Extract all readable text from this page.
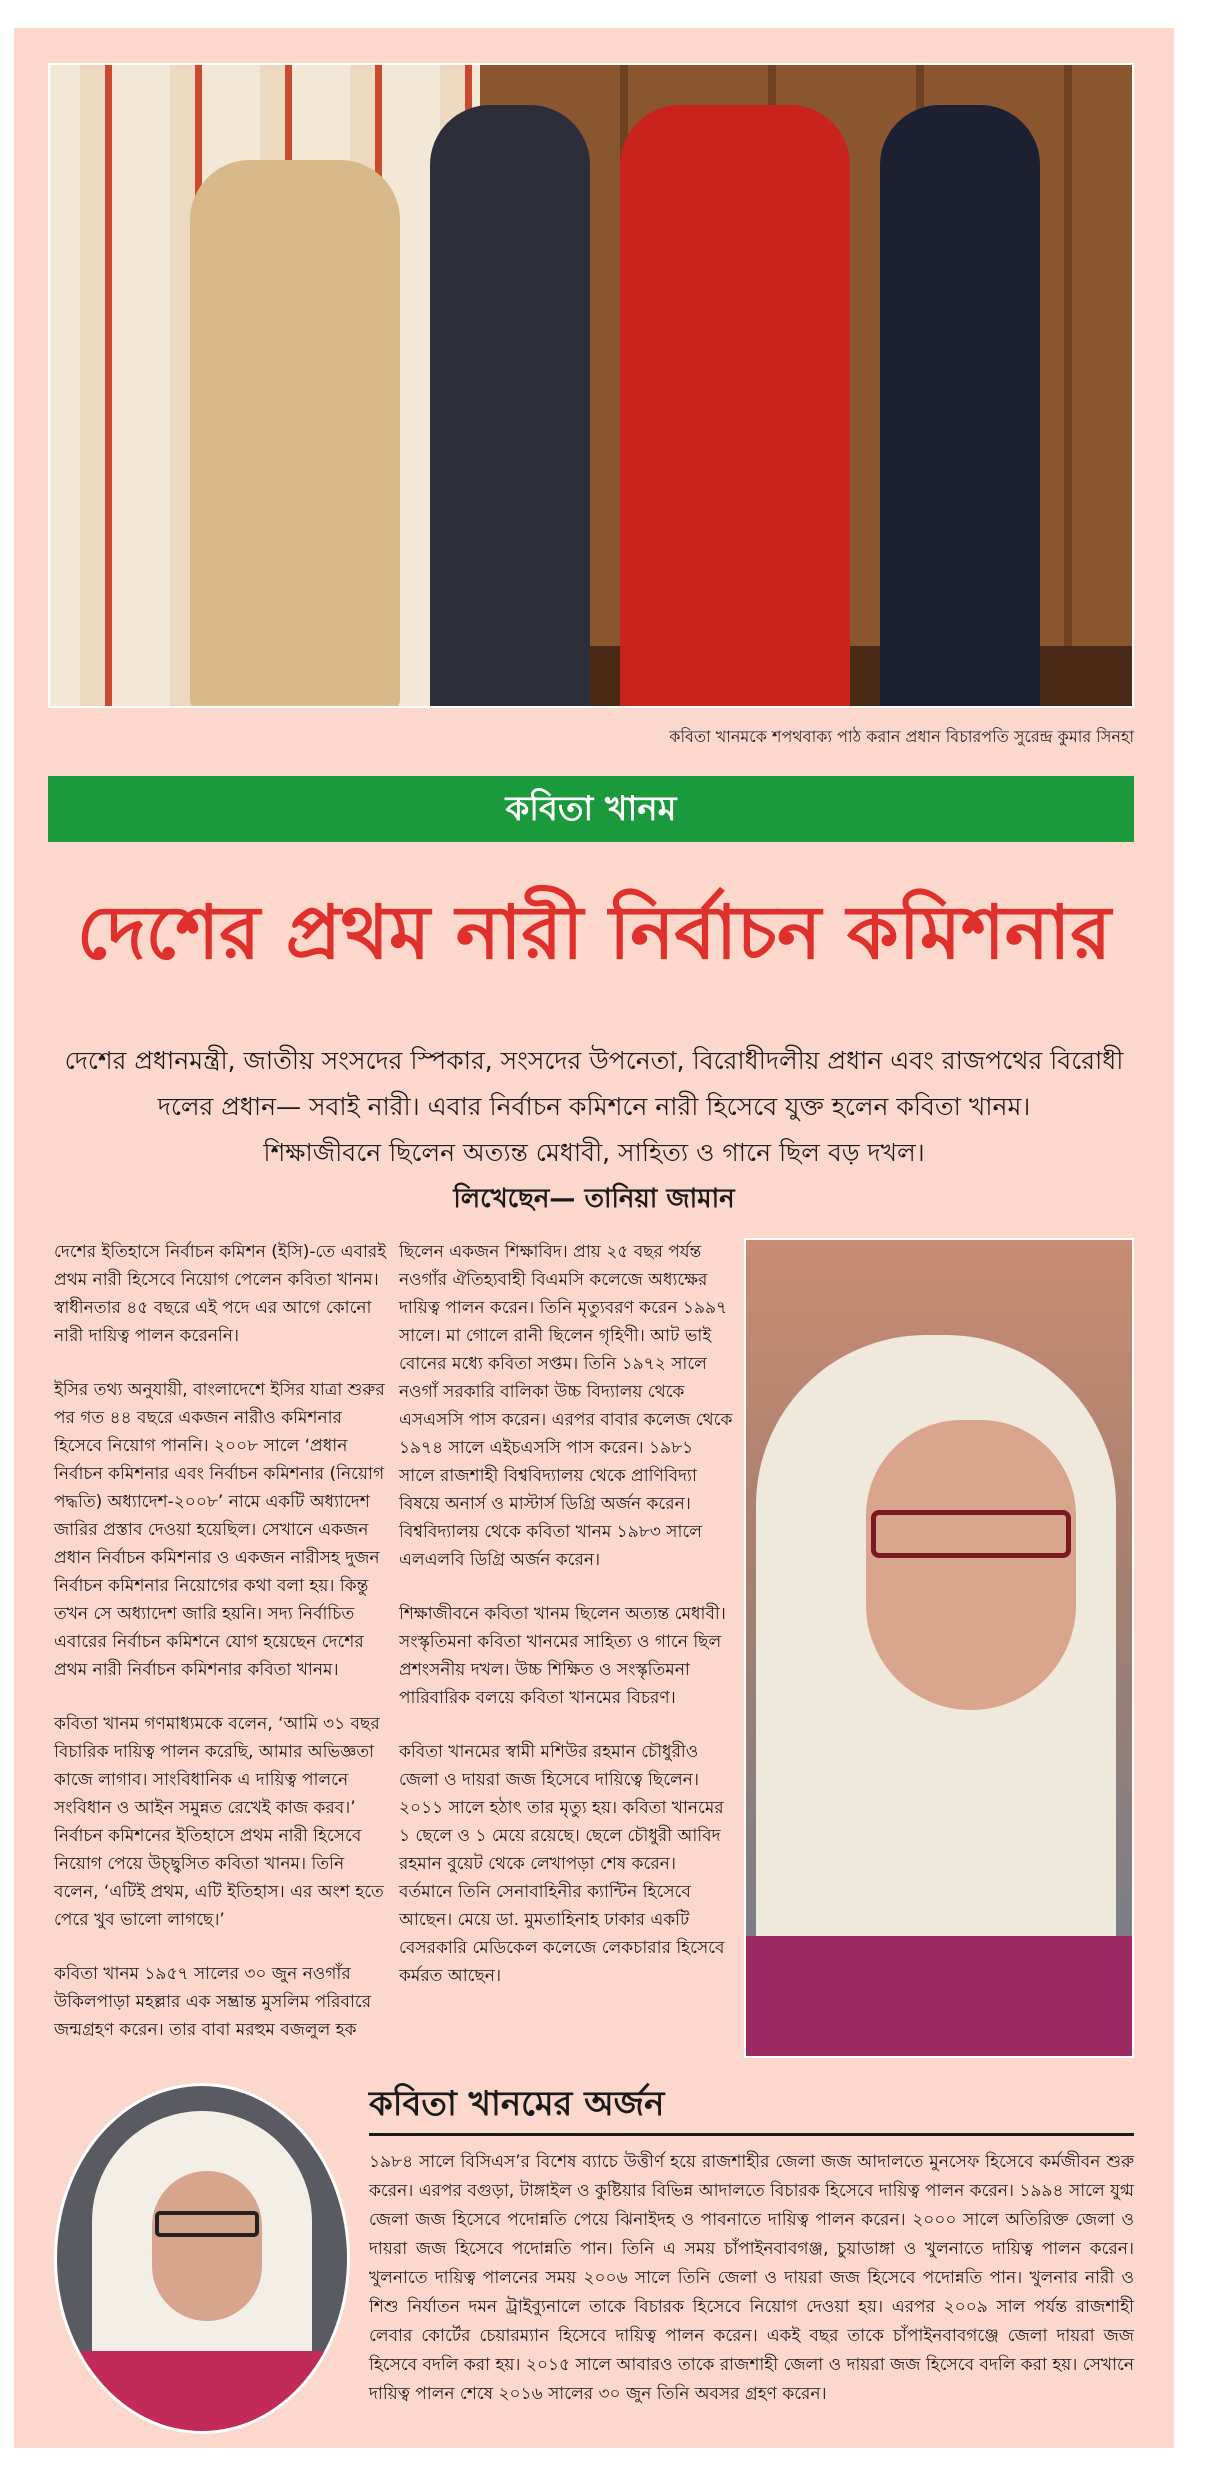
কবিতা খানমকে শপথবাক্য পাঠ করান প্রধান বিচারপতি সুরেন্দ্র কুমার সিনহা
কবিতা খানম
দেশের প্রথম নারী নির্বাচন কমিশনার
দেশের প্রধানমন্ত্রী, জাতীয় সংসদের স্পিকার, সংসদের উপনেতা, বিরোধীদলীয় প্রধান এবং রাজপথের বিরোধী দলের প্রধান— সবাই নারী। এবার নির্বাচন কমিশনে নারী হিসেবে যুক্ত হলেন কবিতা খানম।
শিক্ষাজীবনে ছিলেন অত্যন্ত মেধাবী, সাহিত্য ও গানে ছিল বড় দখল।
লিখেছেন— তানিয়া জামান

দেশের ইতিহাসে নির্বাচন কমিশন (ইসি)-তে এবারই প্রথম নারী হিসেবে নিয়োগ পেলেন কবিতা খানম। স্বাধীনতার ৪৫ বছরে এই পদে এর আগে কোনো নারী দায়িত্ব পালন করেননি।

ইসির তথ্য অনুযায়ী, বাংলাদেশে ইসির যাত্রা শুরুর পর গত ৪৪ বছরে একজন নারীও কমিশনার হিসেবে নিয়োগ পাননি। ২০০৮ সালে ‘প্রধান নির্বাচন কমিশনার এবং নির্বাচন কমিশনার (নিয়োগ পদ্ধতি) অধ্যাদেশ-২০০৮’ নামে একটি অধ্যাদেশ জারির প্রস্তাব দেওয়া হয়েছিল। সেখানে একজন প্রধান নির্বাচন কমিশনার ও একজন নারীসহ দুজন নির্বাচন কমিশনার নিয়োগের কথা বলা হয়। কিন্তু তখন সে অধ্যাদেশ জারি হয়নি। সদ্য নির্বাচিত এবারের নির্বাচন কমিশনে যোগ হয়েছেন দেশের প্রথম নারী নির্বাচন কমিশনার কবিতা খানম।

কবিতা খানম গণমাধ্যমকে বলেন, ‘আমি ৩১ বছর বিচারিক দায়িত্ব পালন করেছি, আমার অভিজ্ঞতা কাজে লাগাব। সাংবিধানিক এ দায়িত্ব পালনে সংবিধান ও আইন সমুন্নত রেখেই কাজ করব।’ নির্বাচন কমিশনের ইতিহাসে প্রথম নারী হিসেবে নিয়োগ পেয়ে উচ্ছ্বসিত কবিতা খানম। তিনি বলেন, ‘এটিই প্রথম, এটি ইতিহাস। এর অংশ হতে পেরে খুব ভালো লাগছে।’

কবিতা খানম ১৯৫৭ সালের ৩০ জুন নওগাঁর উকিলপাড়া মহল্লার এক সম্ভ্রান্ত মুসলিম পরিবারে জন্মগ্রহণ করেন। তার বাবা মরহুম বজলুল হক

ছিলেন একজন শিক্ষাবিদ। প্রায় ২৫ বছর পর্যন্ত নওগাঁর ঐতিহ্যবাহী বিএমসি কলেজে অধ্যক্ষের দায়িত্ব পালন করেন। তিনি মৃত্যুবরণ করেন ১৯৯৭ সালে। মা গোলে রানী ছিলেন গৃহিণী। আট ভাই বোনের মধ্যে কবিতা সপ্তম। তিনি ১৯৭২ সালে নওগাঁ সরকারি বালিকা উচ্চ বিদ্যালয় থেকে এসএসসি পাস করেন। এরপর বাবার কলেজ থেকে ১৯৭৪ সালে এইচএসসি পাস করেন। ১৯৮১ সালে রাজশাহী বিশ্ববিদ্যালয় থেকে প্রাণিবিদ্যা বিষয়ে অনার্স ও মাস্টার্স ডিগ্রি অর্জন করেন। বিশ্ববিদ্যালয় থেকে কবিতা খানম ১৯৮৩ সালে এলএলবি ডিগ্রি অর্জন করেন।

শিক্ষাজীবনে কবিতা খানম ছিলেন অত্যন্ত মেধাবী। সংস্কৃতিমনা কবিতা খানমের সাহিত্য ও গানে ছিল প্রশংসনীয় দখল। উচ্চ শিক্ষিত ও সংস্কৃতিমনা পারিবারিক বলয়ে কবিতা খানমের বিচরণ।

কবিতা খানমের স্বামী মশিউর রহমান চৌধুরীও জেলা ও দায়রা জজ হিসেবে দায়িত্বে ছিলেন। ২০১১ সালে হঠাৎ তার মৃত্যু হয়। কবিতা খানমের ১ ছেলে ও ১ মেয়ে রয়েছে। ছেলে চৌধুরী আবিদ রহমান বুয়েট থেকে লেখাপড়া শেষ করেন। বর্তমানে তিনি সেনাবাহিনীর ক্যান্টিন হিসেবে আছেন। মেয়ে ডা. মুমতাহিনাহ ঢাকার একটি বেসরকারি মেডিকেল কলেজে লেকচারার হিসেবে কর্মরত আছেন।

কবিতা খানমের অর্জন
১৯৮৪ সালে বিসিএস’র বিশেষ ব্যাচে উত্তীর্ণ হয়ে রাজশাহীর জেলা জজ আদালতে মুনসেফ হিসেবে কর্মজীবন শুরু করেন। এরপর বগুড়া, টাঙ্গাইল ও কুষ্টিয়ার বিভিন্ন আদালতে বিচারক হিসেবে দায়িত্ব পালন করেন। ১৯৯৪ সালে যুগ্ম জেলা জজ হিসেবে পদোন্নতি পেয়ে ঝিনাইদহ ও পাবনাতে দায়িত্ব পালন করেন। ২০০০ সালে অতিরিক্ত জেলা ও দায়রা জজ হিসেবে পদোন্নতি পান। তিনি এ সময় চাঁপাইনবাবগঞ্জ, চুয়াডাঙ্গা ও খুলনাতে দায়িত্ব পালন করেন। খুলনাতে দায়িত্ব পালনের সময় ২০০৬ সালে তিনি জেলা ও দায়রা জজ হিসেবে পদোন্নতি পান। খুলনার নারী ও শিশু নির্যাতন দমন ট্রাইব্যুনালে তাকে বিচারক হিসেবে নিয়োগ দেওয়া হয়। এরপর ২০০৯ সাল পর্যন্ত রাজশাহী লেবার কোর্টের চেয়ারম্যান হিসেবে দায়িত্ব পালন করেন। একই বছর তাকে চাঁপাইনবাবগঞ্জে জেলা দায়রা জজ হিসেবে বদলি করা হয়। ২০১৫ সালে আবারও তাকে রাজশাহী জেলা ও দায়রা জজ হিসেবে বদলি করা হয়। সেখানে দায়িত্ব পালন শেষে ২০১৬ সালের ৩০ জুন তিনি অবসর গ্রহণ করেন।
